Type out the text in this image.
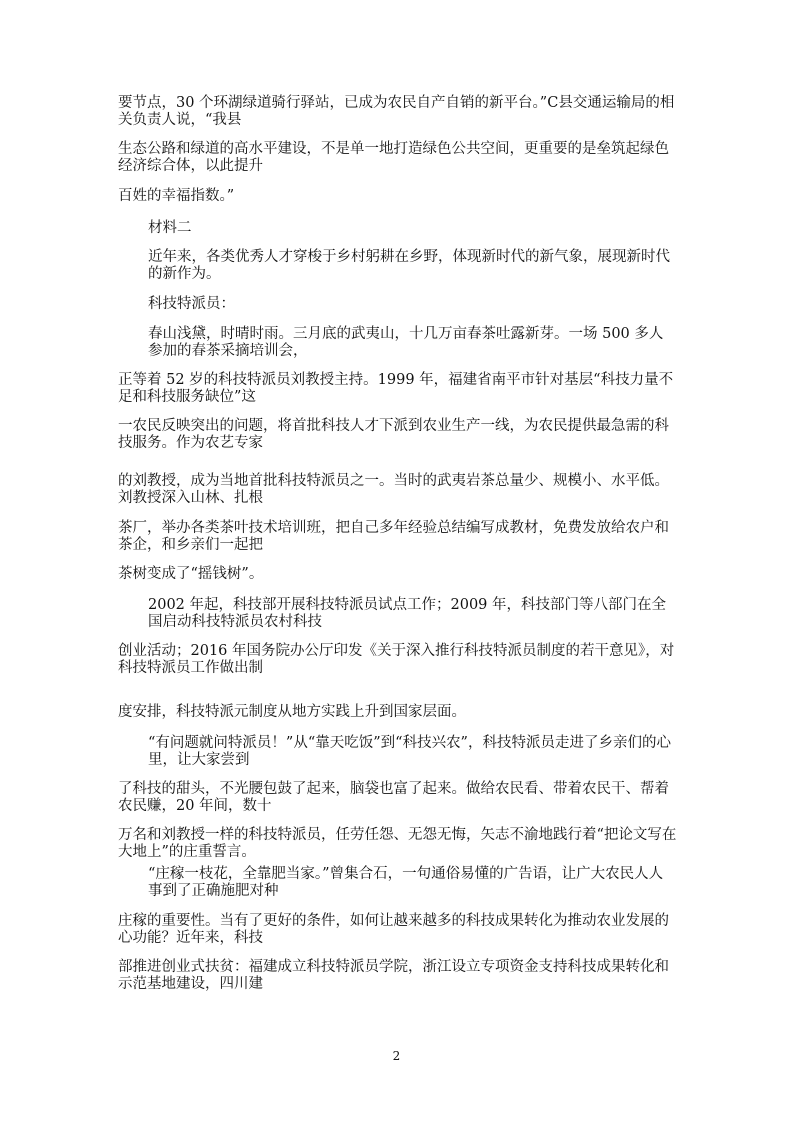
要节点，30 个环湖绿道骑行驿站，已成为农民自产自销的新平台。”C县交通运输局的相关负责人说，“我县

生态公路和绿道的高水平建设，不是单一地打造绿色公共空间，更重要的是垒筑起绿色经济综合体，以此提升

百姓的幸福指数。”

材料二

近年来，各类优秀人才穿梭于乡村躬耕在乡野，体现新时代的新气象，展现新时代的新作为。

科技特派员：

春山浅黛，时晴时雨。三月底的武夷山，十几万亩春茶吐露新芽。一场 500 多人参加的春茶采摘培训会，

正等着 52 岁的科技特派员刘教授主持。1999 年，福建省南平市针对基层“科技力量不足和科技服务缺位”这

一农民反映突出的问题，将首批科技人才下派到农业生产一线，为农民提供最急需的科技服务。作为农艺专家

的刘教授，成为当地首批科技特派员之一。当时的武夷岩茶总量少、规模小、水平低。刘教授深入山林、扎根

茶厂，举办各类茶叶技术培训班，把自己多年经验总结编写成教材，免费发放给农户和茶企，和乡亲们一起把

茶树变成了“摇钱树”。

2002 年起，科技部开展科技特派员试点工作；2009 年，科技部门等八部门在全国启动科技特派员农村科技

创业活动；2016 年国务院办公厅印发《关于深入推行科技特派员制度的若干意见》，对科技特派员工作做出制

度安排，科技特派元制度从地方实践上升到国家层面。

“有问题就问特派员！”从“靠天吃饭”到“科技兴农”，科技特派员走进了乡亲们的心里，让大家尝到

了科技的甜头，不光腰包鼓了起来，脑袋也富了起来。做给农民看、带着农民干、帮着农民赚，20 年间，数十

万名和刘教授一样的科技特派员，任劳任怨、无怨无悔，矢志不渝地践行着“把论文写在大地上”的庄重誓言。

“庄稼一枝花，全靠肥当家。”曾集合石，一句通俗易懂的广告语，让广大农民人人事到了正确施肥对种

庄稼的重要性。当有了更好的条件，如何让越来越多的科技成果转化为推动农业发展的心功能？近年来，科技

部推进创业式扶贫：福建成立科技特派员学院，浙江设立专项资金支持科技成果转化和示范基地建设，四川建

2
